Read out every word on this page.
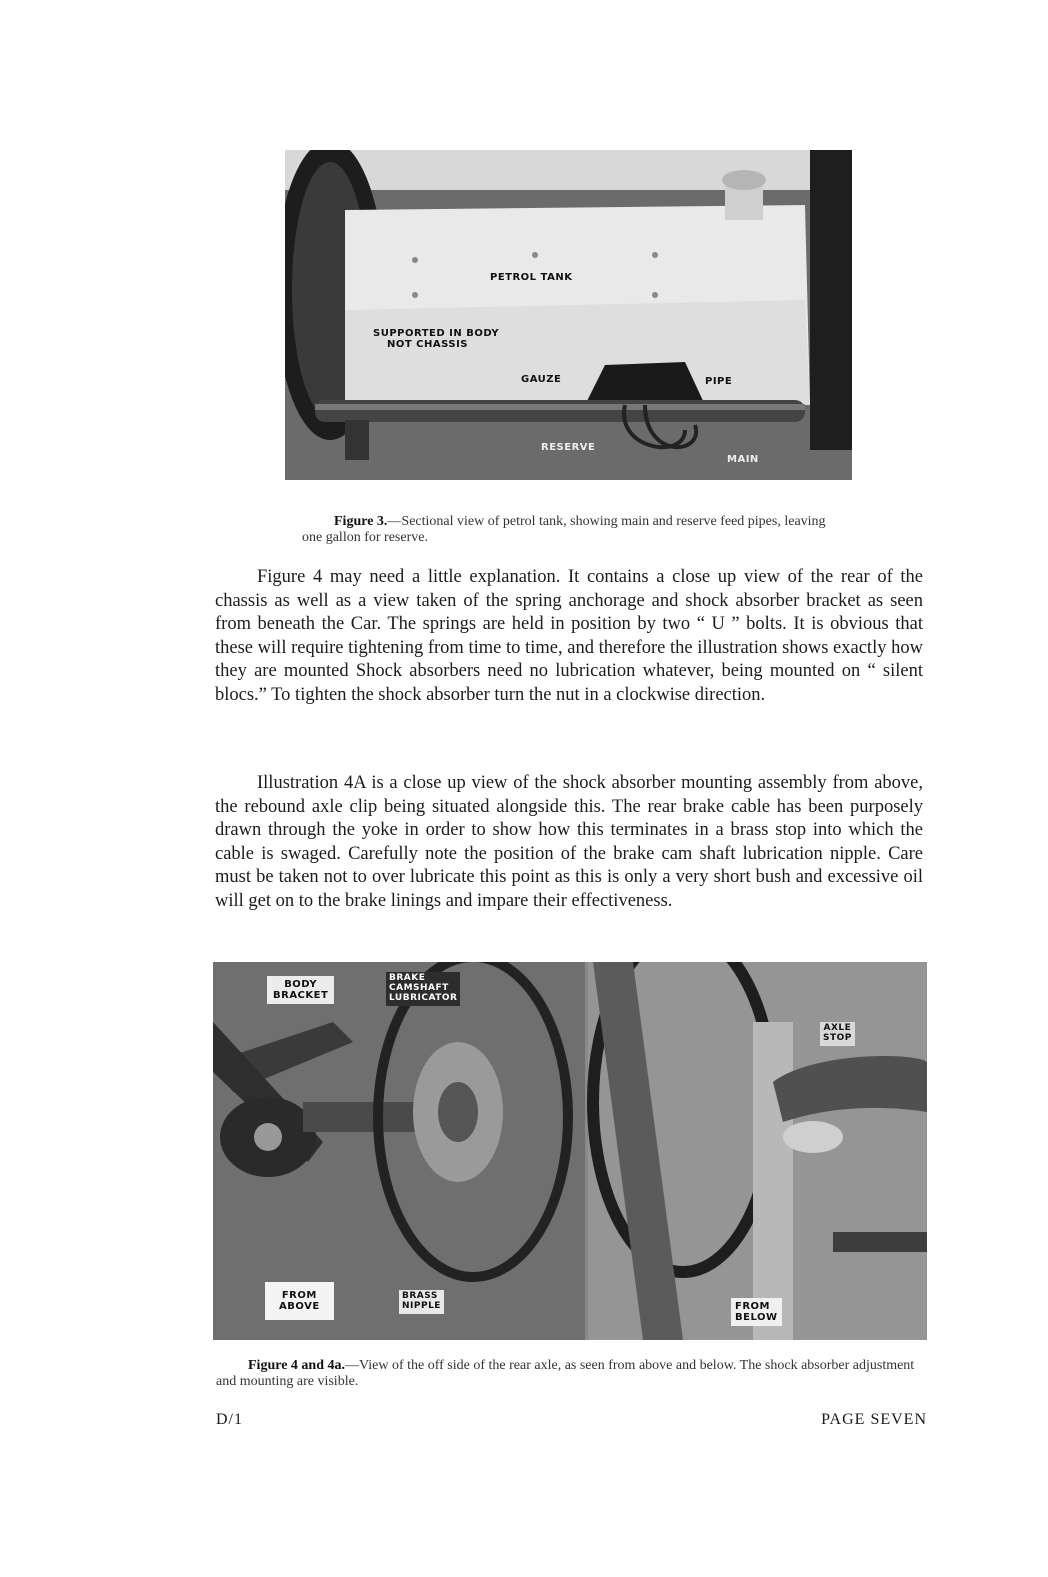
PETROL TANK
SUPPORTED IN BODY
NOT CHASSIS
GAUZE	PIPE
RESERVE
MAIN
Figure 3.—Sectional view of petrol tank, showing main and reserve feed pipes, leaving one gallon for reserve.

Figure 4 may need a little explanation. It contains a close up view of the rear of the chassis as well as a view taken of the spring anchorage and shock absorber bracket as seen from beneath the Car. The springs are held in position by two “ U ” bolts. It is obvious that these will require tightening from time to time, and therefore the illustration shows exactly how they are mounted Shock absorbers need no lubrication whatever, being mounted on “ silent blocs.” To tighten the shock absorber turn the nut in a clockwise direction.

Illustration 4A is a close up view of the shock absorber mounting assembly from above, the rebound axle clip being situated alongside this. The rear brake cable has been purposely drawn through the yoke in order to show how this terminates in a brass stop into which the cable is swaged. Carefully note the position of the brake cam shaft lubrication nipple. Care must be taken not to over lubricate this point as this is only a very short bush and excessive oil will get on to the brake linings and impare their effectiveness.

BODY
BRACKET
BRAKE
CAMSHAFT
LUBRICATOR
FROM
ABOVE
BRASS
NIPPLE
AXLE
STOP
FROM
BELOW
Figure 4 and 4a.—View of the off side of the rear axle, as seen from above and below. The shock absorber adjustment and mounting are visible.
D/1	PAGE SEVEN
